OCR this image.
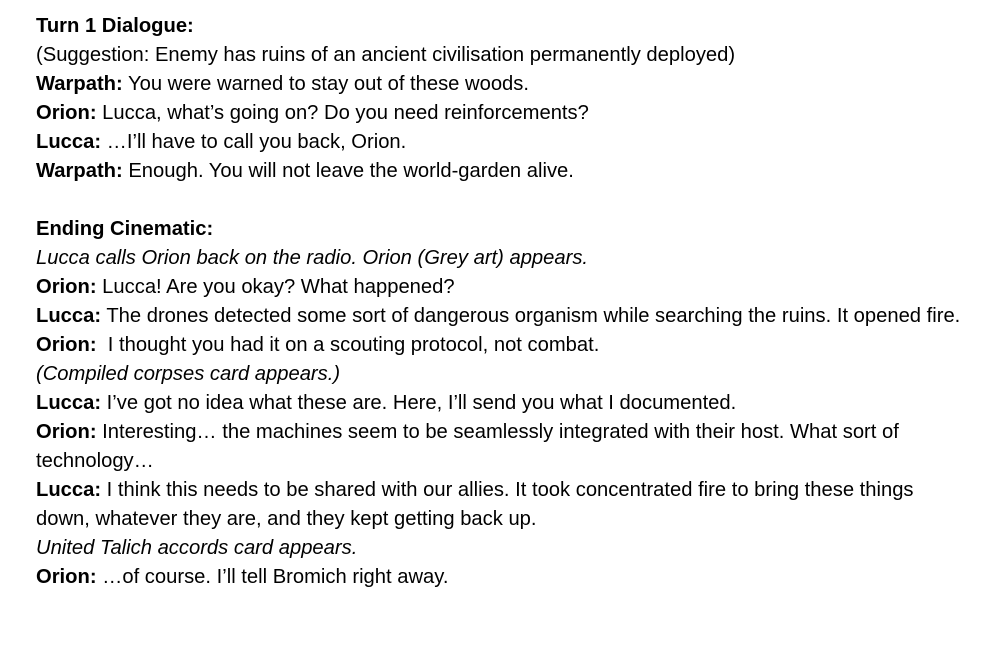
Turn 1 Dialogue:

(Suggestion: Enemy has ruins of an ancient civilisation permanently deployed)

Warpath: You were warned to stay out of these woods.

Orion: Lucca, what’s going on? Do you need reinforcements?

Lucca: …I’ll have to call you back, Orion.

Warpath: Enough. You will not leave the world-garden alive.

Ending Cinematic:

Lucca calls Orion back on the radio. Orion (Grey art) appears.

Orion: Lucca! Are you okay? What happened?

Lucca: The drones detected some sort of dangerous organism while searching the ruins. It opened fire.

Orion:  I thought you had it on a scouting protocol, not combat.

(Compiled corpses card appears.)

Lucca: I’ve got no idea what these are. Here, I’ll send you what I documented.

Orion: Interesting… the machines seem to be seamlessly integrated with their host. What sort of technology…

Lucca: I think this needs to be shared with our allies. It took concentrated fire to bring these things down, whatever they are, and they kept getting back up.

United Talich accords card appears.

Orion: …of course. I’ll tell Bromich right away.
